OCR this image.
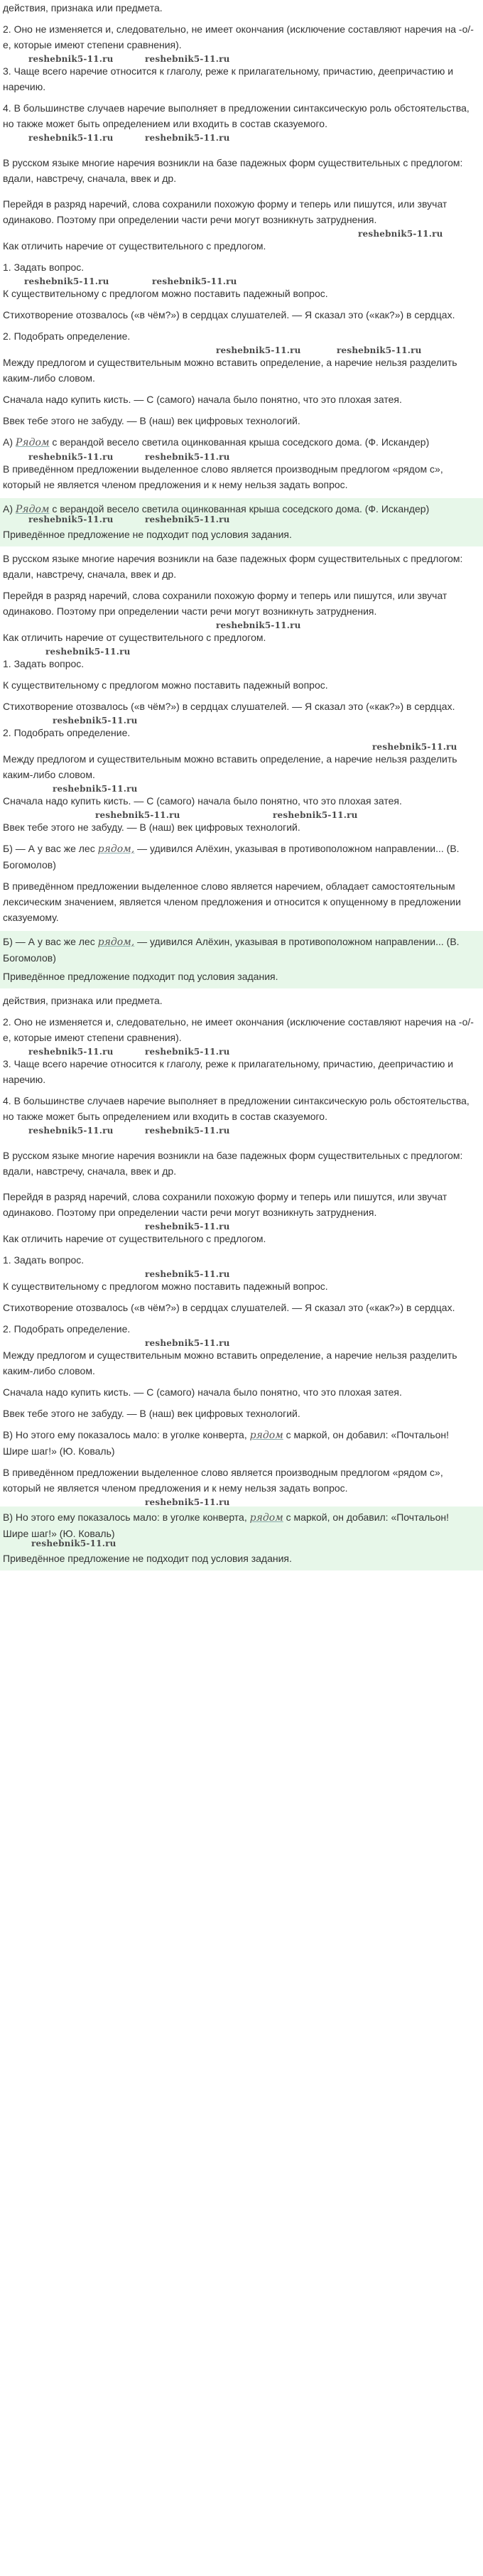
действия, признака или предмета.

2. Оно не изменяется и, следовательно, не имеет окончания (исключение составляют наречия на -о/-е, которые имеют степени сравнения).

reshebnik5-11.ru	reshebnik5-11.ru

3. Чаще всего наречие относится к глаголу, реже к прилагательному, причастию, деепричастию и наречию.

4. В большинстве случаев наречие выполняет в предложении синтаксическую роль обстоятельства, но также может быть определением или входить в состав сказуемого.

reshebnik5-11.ru	reshebnik5-11.ru

В русском языке многие наречия возникли на базе падежных форм существительных с предлогом: вдали, навстречу, сначала, ввек и др.

Перейдя в разряд наречий, слова сохранили похожую форму и теперь или пишутся, или звучат одинаково. Поэтому при определении части речи могут возникнуть затруднения.

reshebnik5-11.ru

Как отличить наречие от существительного с предлогом.

1. Задать вопрос.

reshebnik5-11.ru	reshebnik5-11.ru

К существительному с предлогом можно поставить падежный вопрос.

Стихотворение отозвалось («в чём?») в сердцах слушателей. — Я сказал это («как?») в сердцах.

2. Подобрать определение.

reshebnik5-11.ru	reshebnik5-11.ru

Между предлогом и существительным можно вставить определение, а наречие нельзя разделить каким-либо словом.

Сначала надо купить кисть. — С (самого) начала было понятно, что это плохая затея.

Ввек тебе этого не забуду. — В (наш) век цифровых технологий.

А) Рядом с верандой весело светила оцинкованная крыша соседского дома. (Ф. Искандер)

reshebnik5-11.ru	reshebnik5-11.ru

В приведённом предложении выделенное слово является производным предлогом «рядом с», который не является членом предложения и к нему нельзя задать вопрос.

А) Рядом с верандой весело светила оцинкованная крыша соседского дома. (Ф. Искандер)

reshebnik5-11.ru	reshebnik5-11.ru

Приведённое предложение не подходит под условия задания.

В русском языке многие наречия возникли на базе падежных форм существительных с предлогом: вдали, навстречу, сначала, ввек и др.

Перейдя в разряд наречий, слова сохранили похожую форму и теперь или пишутся, или звучат одинаково. Поэтому при определении части речи могут возникнуть затруднения.

reshebnik5-11.ru

Как отличить наречие от существительного с предлогом.

reshebnik5-11.ru

1. Задать вопрос.

К существительному с предлогом можно поставить падежный вопрос.

Стихотворение отозвалось («в чём?») в сердцах слушателей. — Я сказал это («как?») в сердцах.

reshebnik5-11.ru

2. Подобрать определение.

reshebnik5-11.ru

Между предлогом и существительным можно вставить определение, а наречие нельзя разделить каким-либо словом.

reshebnik5-11.ru

Сначала надо купить кисть. — С (самого) начала было понятно, что это плохая затея.

reshebnik5-11.ru	reshebnik5-11.ru

Ввек тебе этого не забуду. — В (наш) век цифровых технологий.

Б) — А у вас же лес рядом, — удивился Алёхин, указывая в противоположном направлении... (В. Богомолов)

В приведённом предложении выделенное слово является наречием, обладает самостоятельным лексическим значением, является членом предложения и относится к опущенному в предложении сказуемому.

Б) — А у вас же лес рядом, — удивился Алёхин, указывая в противоположном направлении... (В. Богомолов)

Приведённое предложение подходит под условия задания.

действия, признака или предмета.

2. Оно не изменяется и, следовательно, не имеет окончания (исключение составляют наречия на -о/-е, которые имеют степени сравнения).

reshebnik5-11.ru	reshebnik5-11.ru

3. Чаще всего наречие относится к глаголу, реже к прилагательному, причастию, деепричастию и наречию.

4. В большинстве случаев наречие выполняет в предложении синтаксическую роль обстоятельства, но также может быть определением или входить в состав сказуемого.

reshebnik5-11.ru	reshebnik5-11.ru

В русском языке многие наречия возникли на базе падежных форм существительных с предлогом: вдали, навстречу, сначала, ввек и др.

Перейдя в разряд наречий, слова сохранили похожую форму и теперь или пишутся, или звучат одинаково. Поэтому при определении части речи могут возникнуть затруднения.

reshebnik5-11.ru

Как отличить наречие от существительного с предлогом.

1. Задать вопрос.

reshebnik5-11.ru

К существительному с предлогом можно поставить падежный вопрос.

Стихотворение отозвалось («в чём?») в сердцах слушателей. — Я сказал это («как?») в сердцах.

2. Подобрать определение.

reshebnik5-11.ru

Между предлогом и существительным можно вставить определение, а наречие нельзя разделить каким-либо словом.

Сначала надо купить кисть. — С (самого) начала было понятно, что это плохая затея.

Ввек тебе этого не забуду. — В (наш) век цифровых технологий.

В) Но этого ему показалось мало: в уголке конверта, рядом с маркой, он добавил: «Почтальон! Шире шаг!» (Ю. Коваль)

В приведённом предложении выделенное слово является производным предлогом «рядом с», который не является членом предложения и к нему нельзя задать вопрос.

reshebnik5-11.ru

В) Но этого ему показалось мало: в уголке конверта, рядом с маркой, он добавил: «Почтальон! Шире шаг!» (Ю. Коваль)

reshebnik5-11.ru

Приведённое предложение не подходит под условия задания.
